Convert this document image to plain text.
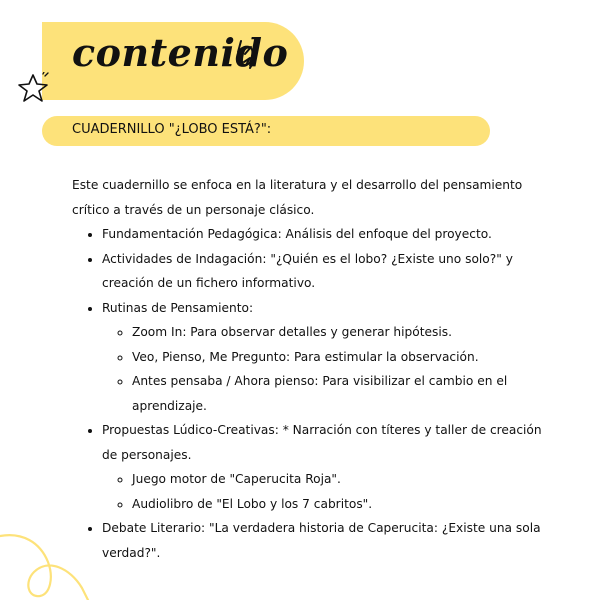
contenido
CUADERNILLO "¿LOBO ESTÁ?":

Este cuadernillo se enfoca en la literatura y el desarrollo del pensamiento crítico a través de un personaje clásico.

• Fundamentación Pedagógica: Análisis del enfoque del proyecto.
• Actividades de Indagación: "¿Quién es el lobo? ¿Existe uno solo?" y creación de un fichero informativo.
• Rutinas de Pensamiento:
◦ Zoom In: Para observar detalles y generar hipótesis.
◦ Veo, Pienso, Me Pregunto: Para estimular la observación.
◦ Antes pensaba / Ahora pienso: Para visibilizar el cambio en el aprendizaje.
• Propuestas Lúdico-Creativas: * Narración con títeres y taller de creación de personajes.
◦ Juego motor de "Caperucita Roja".
◦ Audiolibro de "El Lobo y los 7 cabritos".
• Debate Literario: "La verdadera historia de Caperucita: ¿Existe una sola verdad?".
